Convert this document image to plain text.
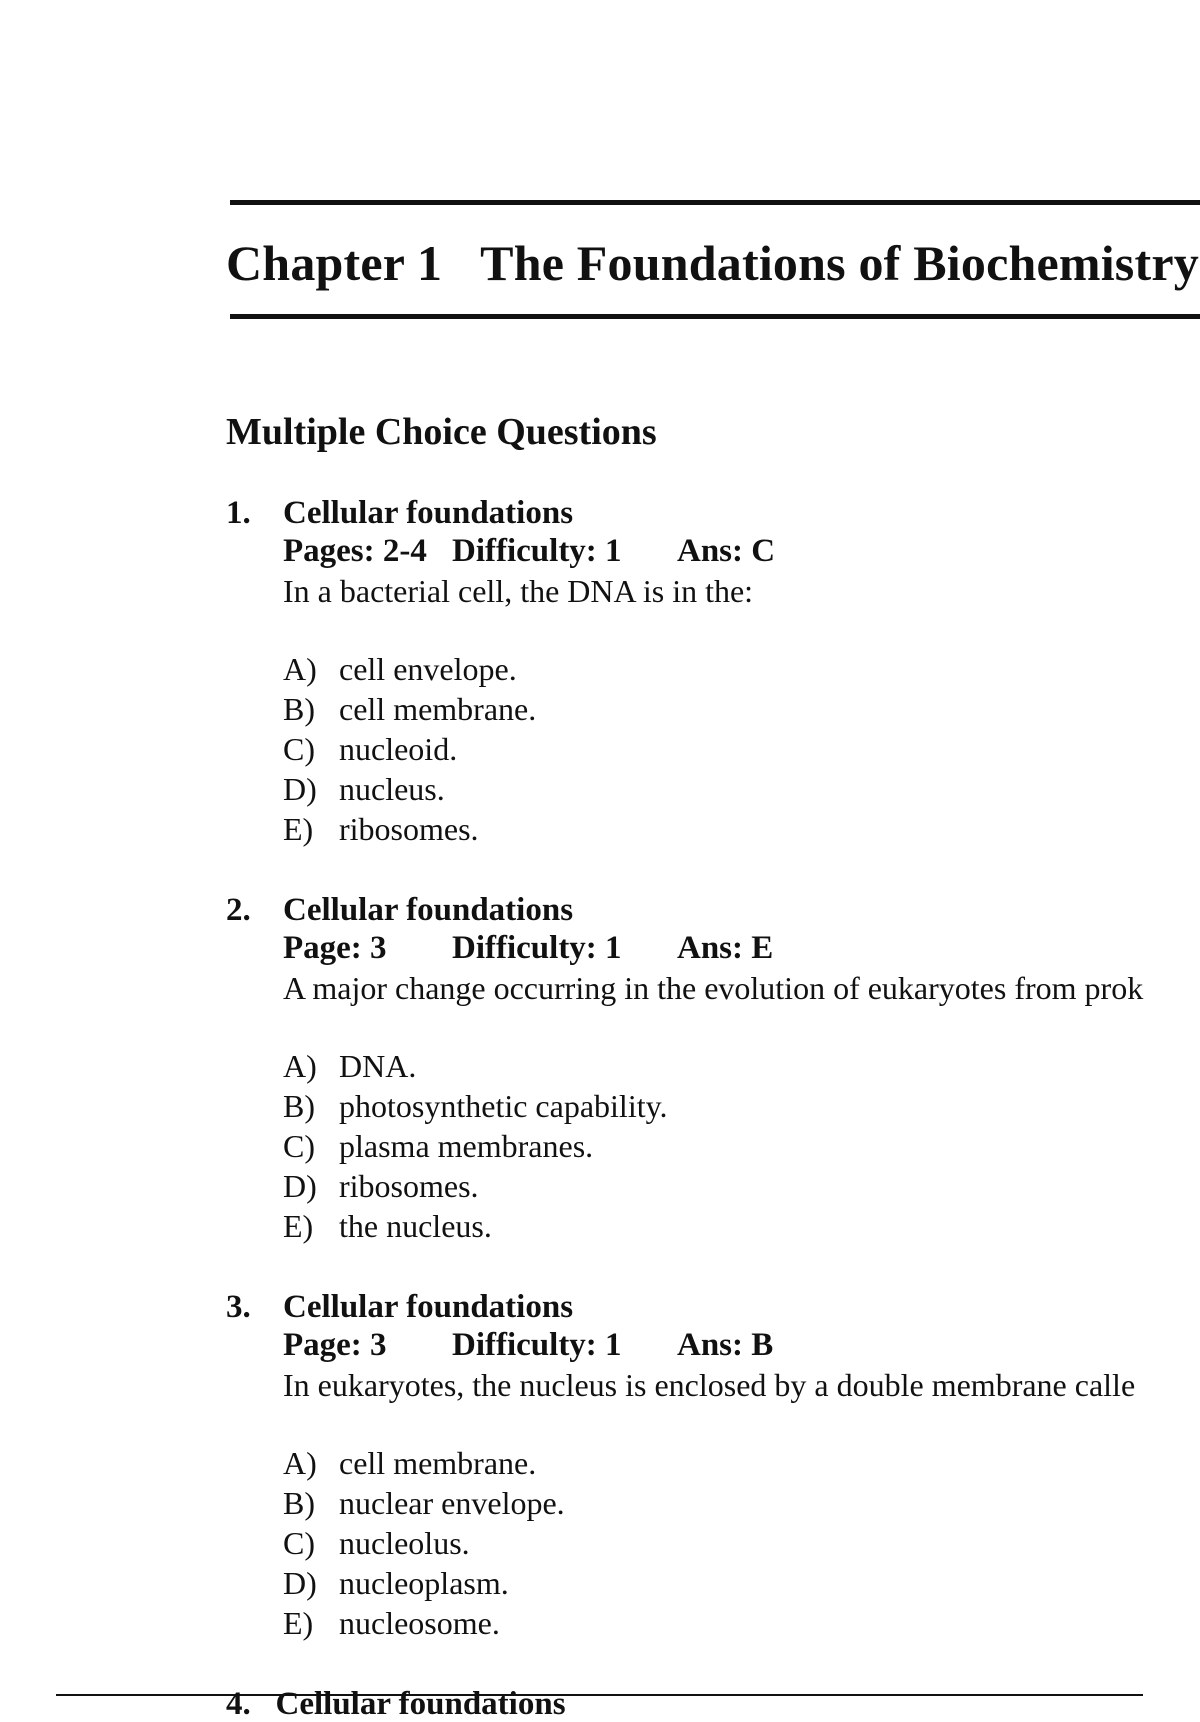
Chapter 1 The Foundations of Biochemistry
Multiple Choice Questions
1. Cellular foundations
Pages: 2-4 Difficulty: 1 Ans: C
In a bacterial cell, the DNA is in the:
A) cell envelope.
B) cell membrane.
C) nucleoid.
D) nucleus.
E) ribosomes.
2. Cellular foundations
Page: 3 Difficulty: 1 Ans: E
A major change occurring in the evolution of eukaryotes from prok
A) DNA.
B) photosynthetic capability.
C) plasma membranes.
D) ribosomes.
E) the nucleus.
3. Cellular foundations
Page: 3 Difficulty: 1 Ans: B
In eukaryotes, the nucleus is enclosed by a double membrane calle
A) cell membrane.
B) nuclear envelope.
C) nucleolus.
D) nucleoplasm.
E) nucleosome.
4. Cellular foundations
